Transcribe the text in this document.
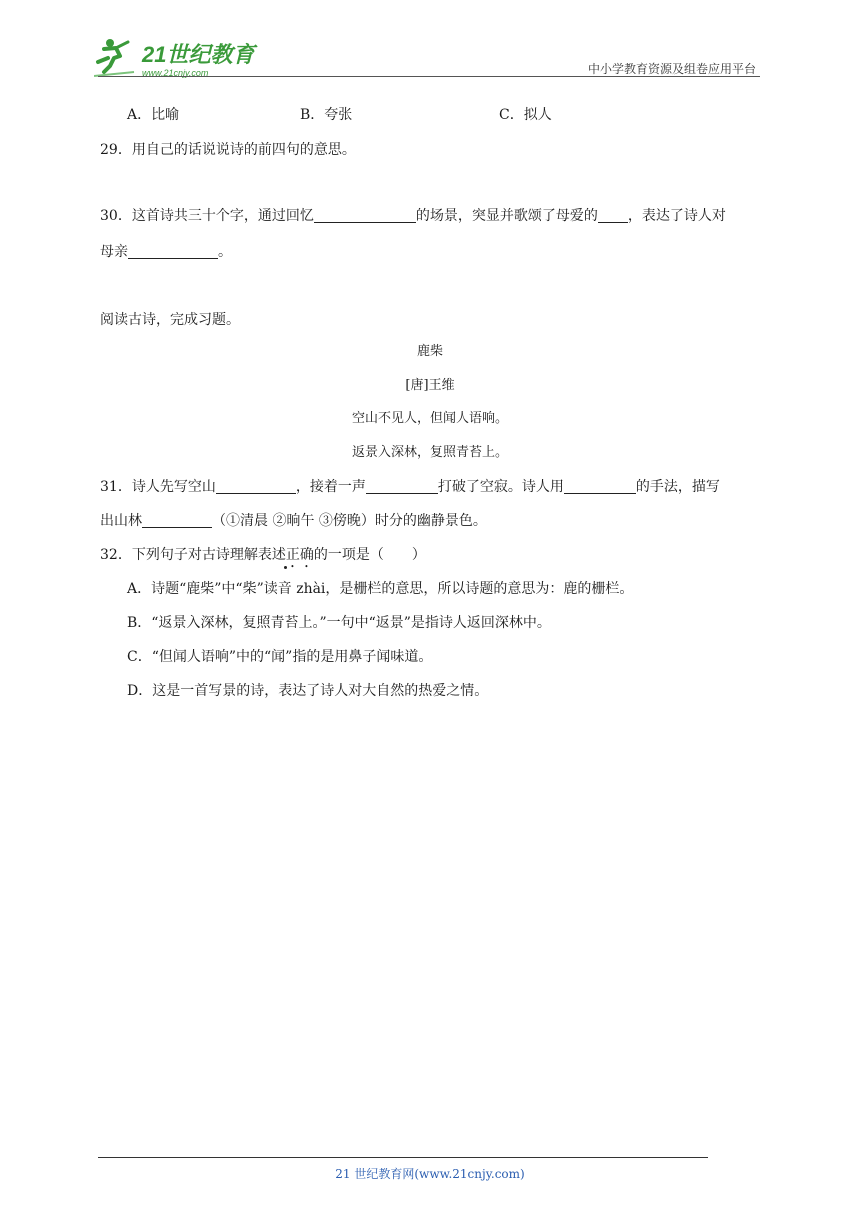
21世纪教育
www.21cnjy.com	中小学教育资源及组卷应用平台
A．比喻	B．夸张	C．拟人
29．用自己的话说说诗的前四句的意思。
30．这首诗共三十个字，通过回忆	的场景，突显并歌颂了母爱的 ，表达了诗人对
母亲	。
阅读古诗，完成习题。
鹿柴
[唐]王维
空山不见人，但闻人语响。
返景入深林，复照青苔上。
31．诗人先写空山	，接着一声	打破了空寂。诗人用	的手法，描写
出山林	（①清晨 ②晌午 ③傍晚）时分的幽静景色。
32．下列句子对古诗理解表述正确的一项是（　　）
A．诗题“鹿柴”中“柴”读音 zhài，是栅栏的意思，所以诗题的意思为：鹿的栅栏。
B．“返景入深林，复照青苔上。”一句中“返景”是指诗人返回深林中。
C．“但闻人语响”中的“闻”指的是用鼻子闻味道。
D．这是一首写景的诗，表达了诗人对大自然的热爱之情。
21 世纪教育网(www.21cnjy.com)
